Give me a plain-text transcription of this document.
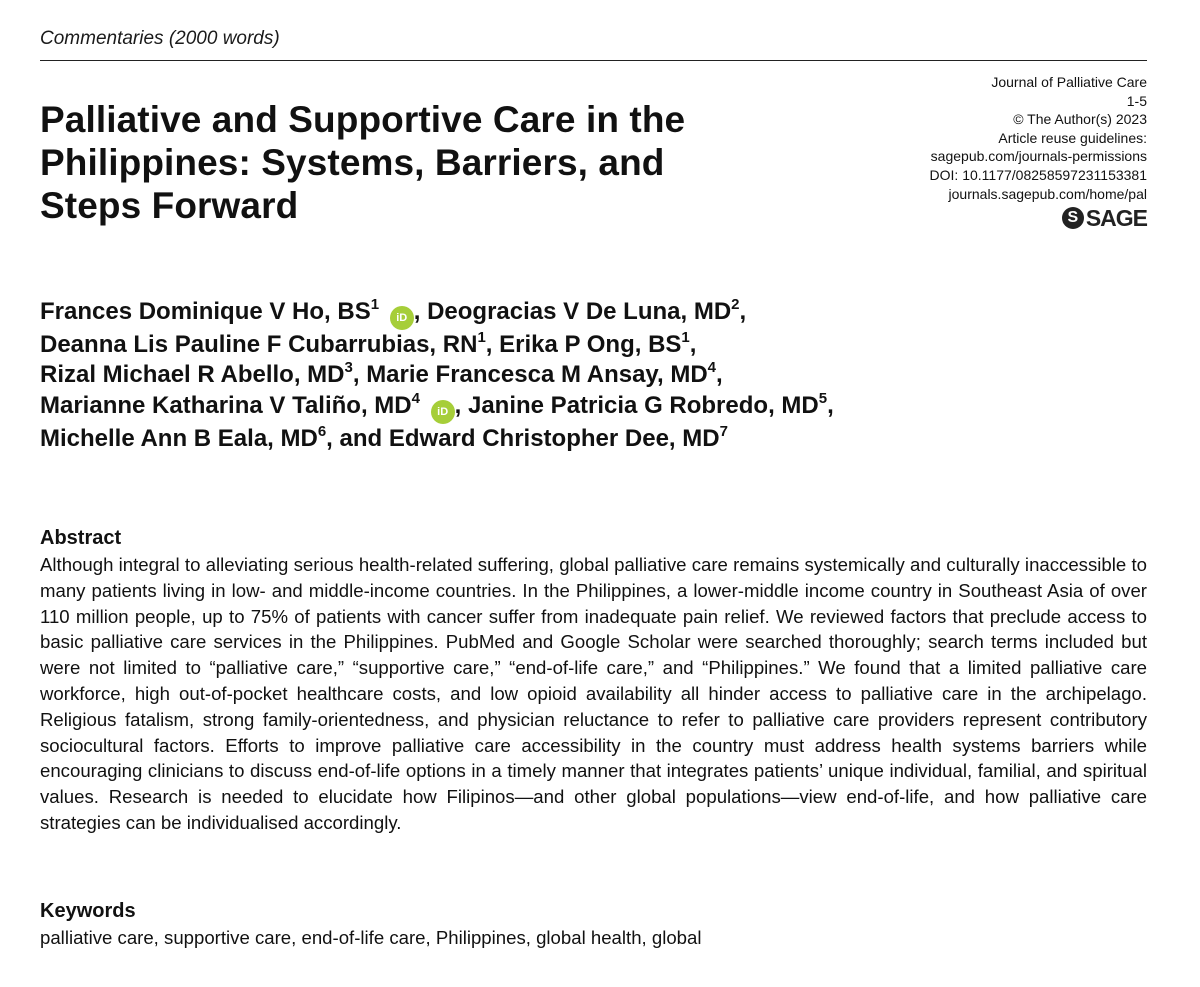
Commentaries (2000 words)
Palliative and Supportive Care in the Philippines: Systems, Barriers, and Steps Forward
Journal of Palliative Care
1-5
© The Author(s) 2023
Article reuse guidelines:
sagepub.com/journals-permissions
DOI: 10.1177/08258597231153381
journals.sagepub.com/home/pal
S SAGE
Frances Dominique V Ho, $BS^1$ iD , Deogracias V De Luna, $MD^2$,
Deanna Lis Pauline F Cubarrubias, $RN^1$, Erika P Ong, $BS^1$,
Rizal Michael R Abello, $MD^3$, Marie Francesca M Ansay, $MD^4$,
Marianne Katharina V Taliño, $MD^4$ iD , Janine Patricia G Robredo, $MD^5$,
Michelle Ann B Eala, $MD^6$, and Edward Christopher Dee, $MD^7$
Abstract

Although integral to alleviating serious health-related suffering, global palliative care remains systemically and culturally inaccessible to many patients living in low- and middle-income countries. In the Philippines, a lower-middle income country in Southeast Asia of over 110 million people, up to 75% of patients with cancer suffer from inadequate pain relief. We reviewed factors that preclude access to basic palliative care services in the Philippines. PubMed and Google Scholar were searched thoroughly; search terms included but were not limited to “palliative care,” “supportive care,” “end-of-life care,” and “Philippines.” We found that a limited palliative care workforce, high out-of-pocket healthcare costs, and low opioid availability all hinder access to palliative care in the archipelago. Religious fatalism, strong family-orientedness, and physician reluctance to refer to palliative care providers represent contributory sociocultural factors. Efforts to improve palliative care accessibility in the country must address health systems barriers while encouraging clinicians to discuss end-of-life options in a timely manner that integrates patients’ unique individual, familial, and spiritual values. Research is needed to elucidate how Filipinos—and other global populations—view end-of-life, and how palliative care strategies can be individualised accordingly.

Keywords

palliative care, supportive care, end-of-life care, Philippines, global health, global
